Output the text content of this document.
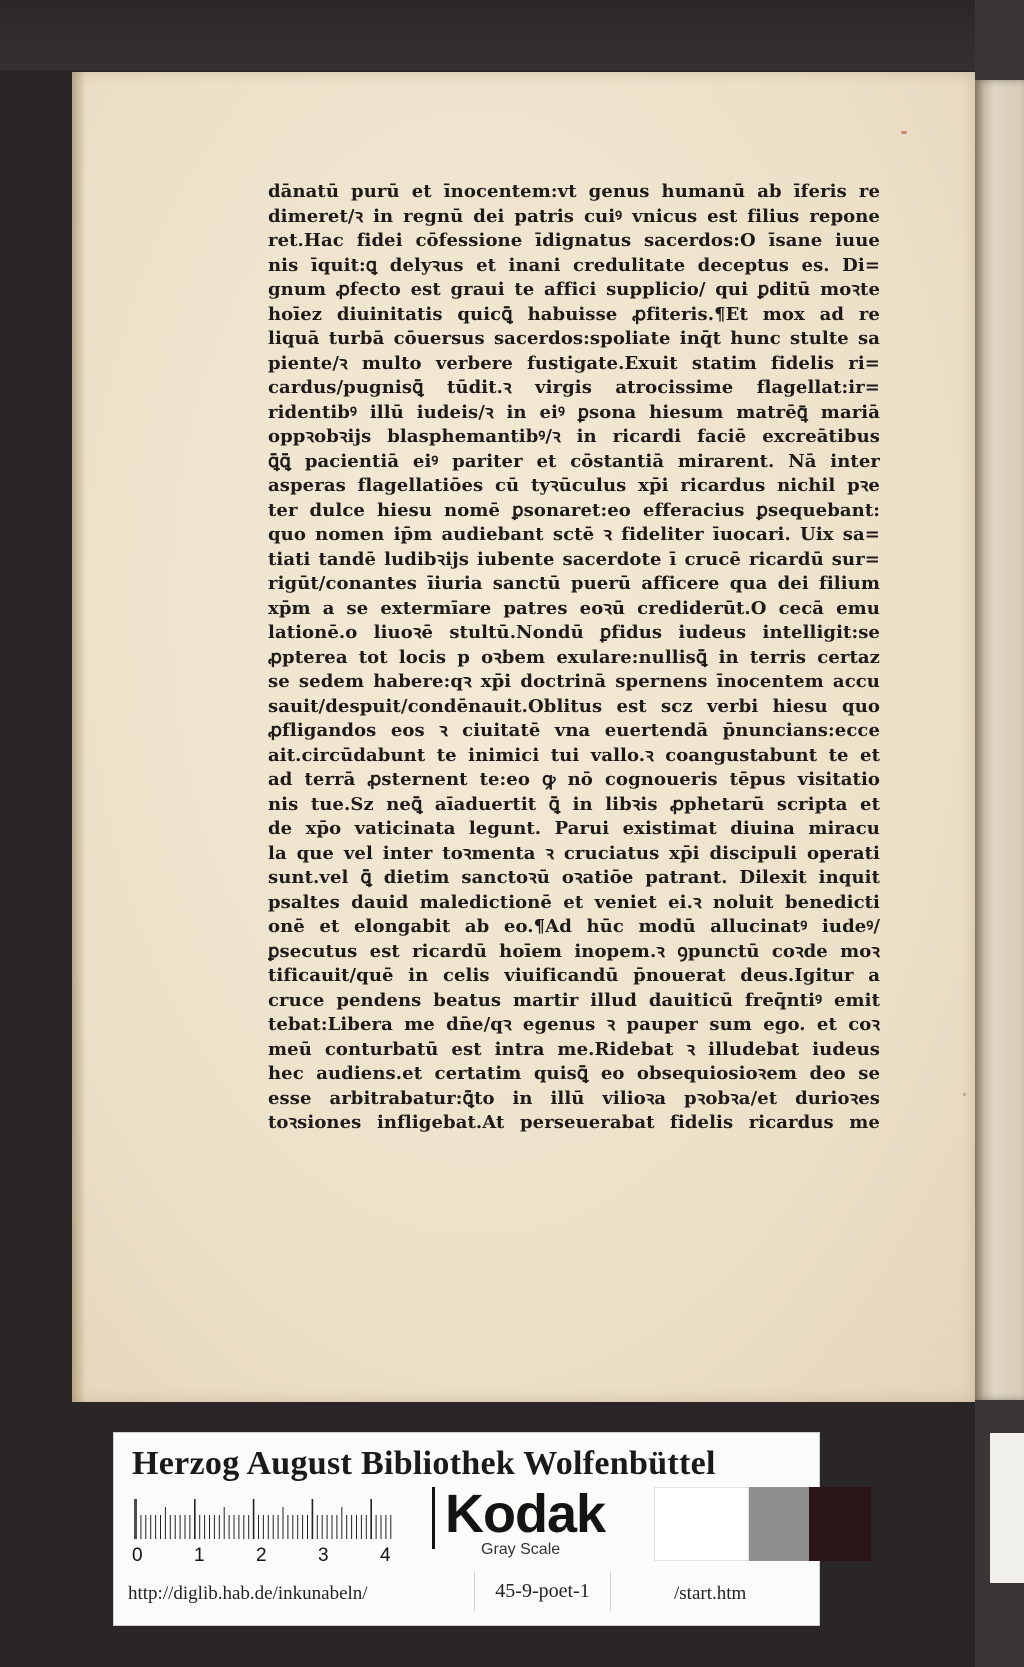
dānatū purū et īnocentem:vt genus humanū ab īferis re
dimeret/ꝛ in regnū dei patris cuiꝰ vnicus est filius repone
ret.Hac fidei cōfessione īdignatus sacerdos:O īsane iuue
nis īquit:ꝗ delyꝛus et inani credulitate deceptus es. Di=
gnum ꝓfecto est graui te affici supplicio/ qui ꝑditū moꝛte
hoīez diuinitatis quicꝗ̄ habuisse ꝓfiteris.¶Et mox ad re
liquā turbā cōuersus sacerdos:spoliate inq̄t hunc stulte sa
piente/ꝛ multo verbere fustigate.Exuit statim fidelis ri=
cardus/pugnisꝗ̄ tūdit.ꝛ virgis atrocissime flagellat:ir=
ridentibꝰ illū iudeis/ꝛ in eiꝰ ꝑsona hiesum matrēꝗ̄ mariā
oppꝛobꝛijs blasphemantibꝰ/ꝛ in ricardi faciē excreātibus
ꝗ̄ꝗ̄ pacientiā eiꝰ pariter et cōstantiā mirarent. Nā inter
asperas flagellatiōes cū tyꝛūculus xp̄i ricardus nichil pꝛe
ter dulce hiesu nomē ꝑsonaret:eo efferacius ꝑsequebant:
quo nomen ip̄m audiebant sctē ꝛ fideliter īuocari. Uix sa=
tiati tandē ludibꝛijs iubente sacerdote ī crucē ricardū sur=
rigūt/conantes īiuria sanctū puerū afficere qua dei filium
xp̄m a se extermīare patres eoꝛū crediderūt.O cecā emu
lationē.o liuoꝛē stultū.Nondū ꝑfidus iudeus intelligit:se
ꝓpterea tot locis p oꝛbem exulare:nullisꝗ̄ in terris certaz
se sedem habere:qꝛ xp̄i doctrinā spernens īnocentem accu
sauit/despuit/condēnauit.Oblitus est scz verbi hiesu quo
ꝓfligandos eos ꝛ ciuitatē vna euertendā p̄nuncians:ecce
ait.circūdabunt te inimici tui vallo.ꝛ coangustabunt te et
ad terrā ꝓsternent te:eo ꝙ nō cognoueris tēpus visitatio
nis tue.Sz neꝗ̄ aīaduertit ꝗ̄ in libꝛis ꝓphetarū scripta et
de xp̄o vaticinata legunt. Parui existimat diuina miracu
la que vel inter toꝛmenta ꝛ cruciatus xp̄i discipuli operati
sunt.vel ꝗ̄ dietim sanctoꝛū oꝛatiōe patrant. Dilexit inquit
psaltes dauid maledictionē et veniet ei.ꝛ noluit benedicti
onē et elongabit ab eo.¶Ad hūc modū allucinatꝰ iudeꝰ/
ꝑsecutus est ricardū hoīem inopem.ꝛ ꝯpunctū coꝛde moꝛ
tificauit/quē in celis viuificandū p̄nouerat deus.Igitur a
cruce pendens beatus martir illud dauiticū freq̄ntiꝰ emit
tebat:Libera me dn̄e/qꝛ egenus ꝛ pauper sum ego. et coꝛ
meū conturbatū est intra me.Ridebat ꝛ illudebat iudeus
hec audiens.et certatim quisꝗ̄ eo obsequiosioꝛem deo se
esse arbitrabatur:ꝗ̄to in illū vilioꝛa pꝛobꝛa/et durioꝛes
toꝛsiones infligebat.At perseuerabat fidelis ricardus me
Herzog August Bibliothek Wolfenbüttel
0	1	2	3	4
Kodak
Gray Scale
http://diglib.hab.de/inkunabeln/	45-9-poet-1	/start.htm
